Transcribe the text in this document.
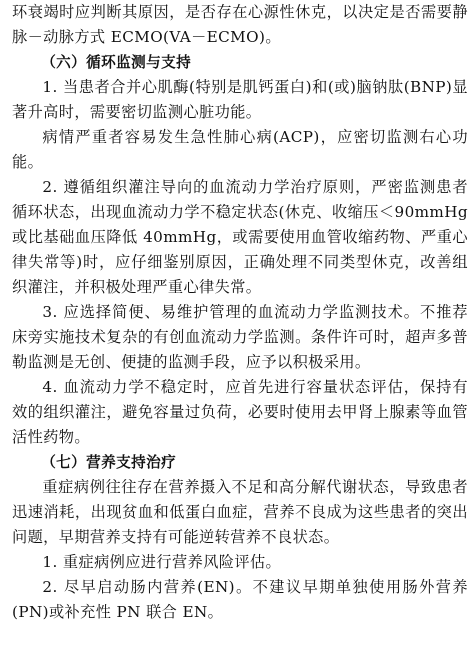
环衰竭时应判断其原因，是否存在心源性休克，以决定是否需要静脉－动脉方式 ECMO(VA－ECMO)。

（六）循环监测与支持

1. 当患者合并心肌酶(特别是肌钙蛋白)和(或)脑钠肽(BNP)显著升高时，需要密切监测心脏功能。

病情严重者容易发生急性肺心病(ACP)，应密切监测右心功能。

2. 遵循组织灌注导向的血流动力学治疗原则，严密监测患者循环状态，出现血流动力学不稳定状态(休克、收缩压＜90mmHg或比基础血压降低 40mmHg，或需要使用血管收缩药物、严重心律失常等)时，应仔细鉴别原因，正确处理不同类型休克，改善组织灌注，并积极处理严重心律失常。

3. 应选择简便、易维护管理的血流动力学监测技术。不推荐床旁实施技术复杂的有创血流动力学监测。条件许可时，超声多普勒监测是无创、便捷的监测手段，应予以积极采用。

4. 血流动力学不稳定时，应首先进行容量状态评估，保持有效的组织灌注，避免容量过负荷，必要时使用去甲肾上腺素等血管活性药物。

（七）营养支持治疗

重症病例往往存在营养摄入不足和高分解代谢状态，导致患者迅速消耗，出现贫血和低蛋白血症，营养不良成为这些患者的突出问题，早期营养支持有可能逆转营养不良状态。

1. 重症病例应进行营养风险评估。

2. 尽早启动肠内营养(EN)。不建议早期单独使用肠外营养(PN)或补充性 PN 联合 EN。
